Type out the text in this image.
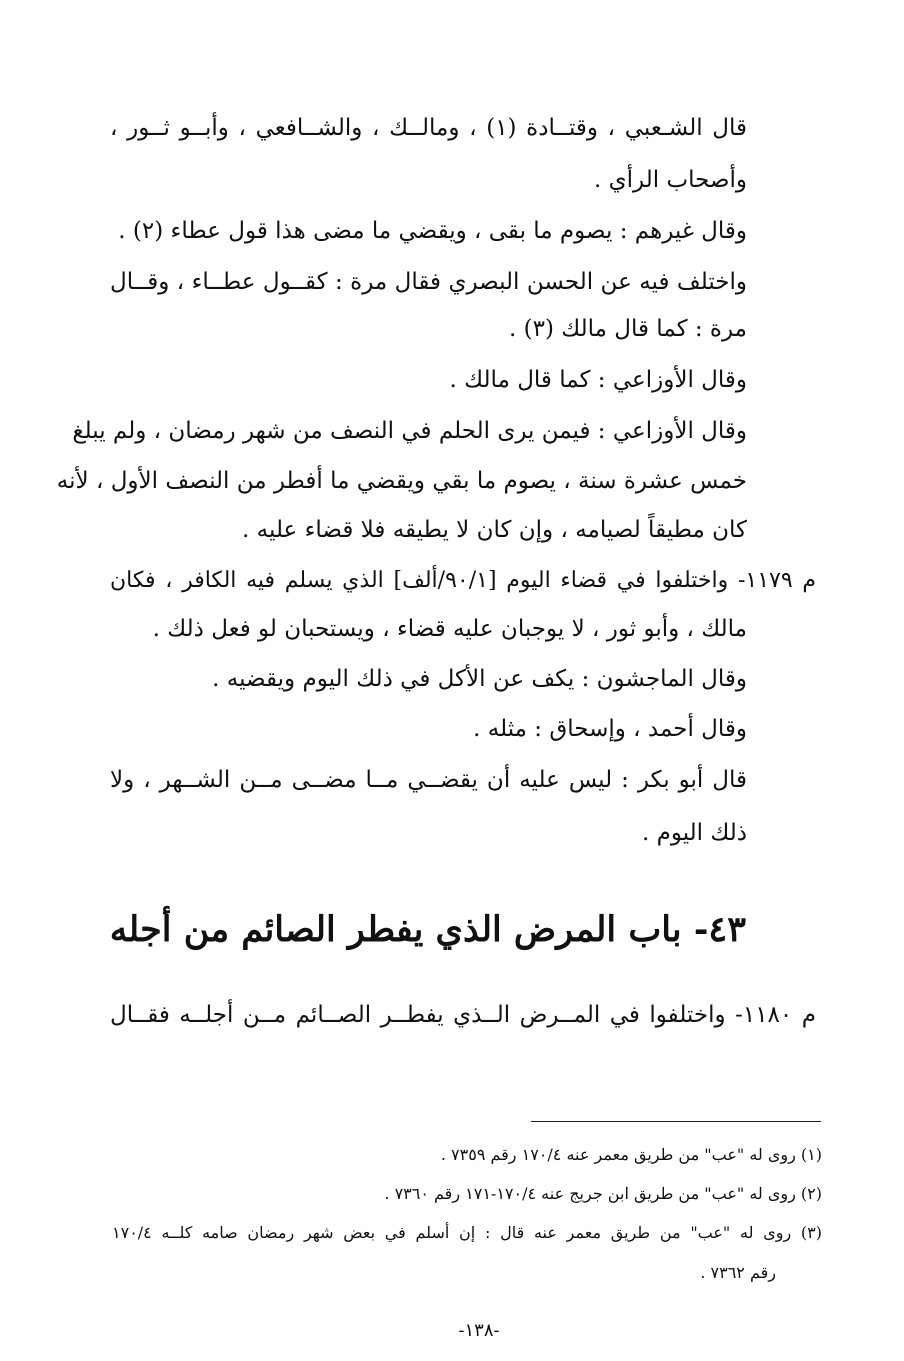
قال الشـعبي ، وقتــادة (١) ، ومالــك ، والشــافعي ، وأبــو ثــور ،
وأصحاب الرأي .
وقال غيرهم : يصوم ما بقى ، ويقضي ما مضى هذا قول عطاء (٢) .
واختلف فيه عن الحسن البصري فقال مرة : كقــول عطــاء ، وقــال
مرة : كما قال مالك (٣) .
وقال الأوزاعي : كما قال مالك .
وقال الأوزاعي : فيمن يرى الحلم في النصف من شهر رمضان ، ولم يبلغ
خمس عشرة سنة ، يصوم ما بقي ويقضي ما أفطر من النصف الأول ، لأنه
كان مطيقاً لصيامه ، وإن كان لا يطيقه فلا قضاء عليه .
م ١١٧٩- واختلفوا في قضاء اليوم [٩٠/١/ألف] الذي يسلم فيه الكافر ، فكان
مالك ، وأبو ثور ، لا يوجبان عليه قضاء ، ويستحبان لو فعل ذلك .
وقال الماجشون : يكف عن الأكل في ذلك اليوم ويقضيه .
وقال أحمد ، وإسحاق : مثله .
قال أبو بكر : ليس عليه أن يقضــي مــا مضــى مــن الشــهر ، ولا
ذلك اليوم .
٤٣- باب المرض الذي يفطر الصائم من أجله
م ١١٨٠- واختلفوا في المــرض الــذي يفطــر الصــائم مــن أجلــه فقــال
(١) روى له "عب" من طريق معمر عنه ١٧٠/٤ رقم ٧٣٥٩ .
(٢) روى له "عب" من طريق ابن جريج عنه ١٧٠/٤-١٧١ رقم ٧٣٦٠ .
(٣) روى له "عب" من طريق معمر عنه قال : إن أسلم في بعض شهر رمضان صامه كلــه ١٧٠/٤
رقم ٧٣٦٢ .
-١٣٨-
